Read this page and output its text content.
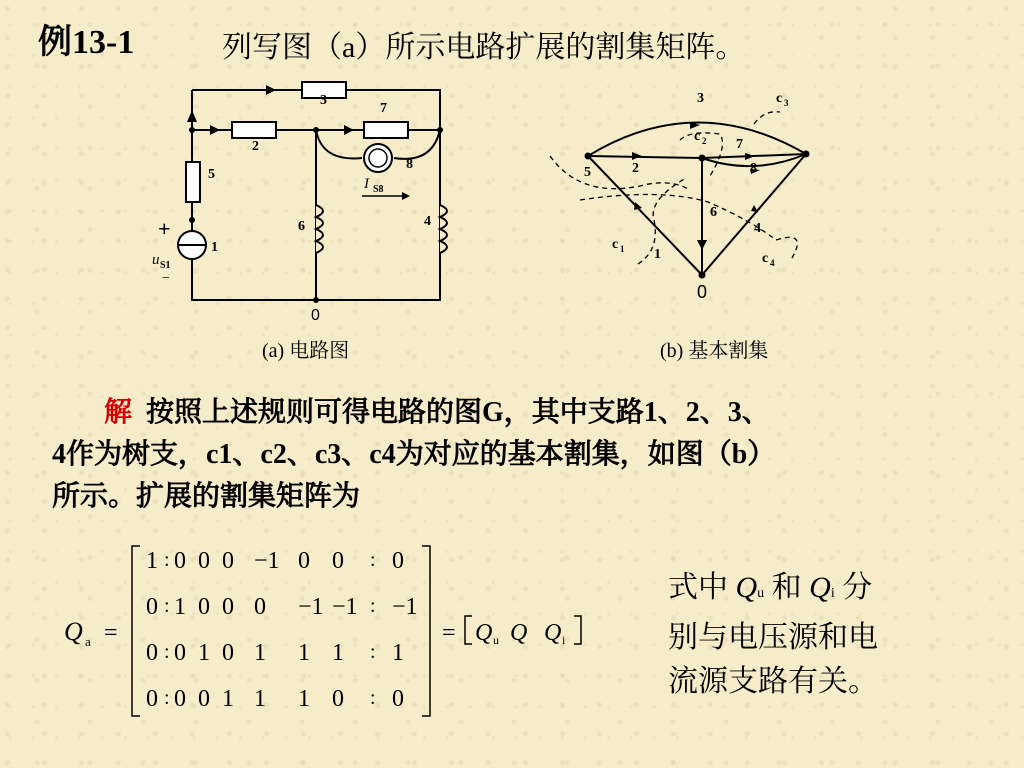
例13-1	列写图（a）所示电路扩展的割集矩阵。
3
7
2
8
5
1
6	4
0
+
−
u S1
I S8
(a) 电路图
3	c 3
c 2 7
5	2	8
6
4
c 1 1	c 4
0
(b) 基本割集
解 按照上述规则可得电路的图G，其中支路1、2、3、
4作为树支，c1、c2、c3、c4为对应的基本割集，如图（b）
所示。扩展的割集矩阵为
Q a =
1 0 0 0 −1 0 0 0
:	:
0 1 0 0 0 −1 −1 −1
:	:
0 0 1 0 1 1 1 1
:	:
0 0 0 1 1 1 0 0
:	:
= Q u Q Q i
式中 Qu 和 Qi 分
别与电压源和电
流源支路有关。
